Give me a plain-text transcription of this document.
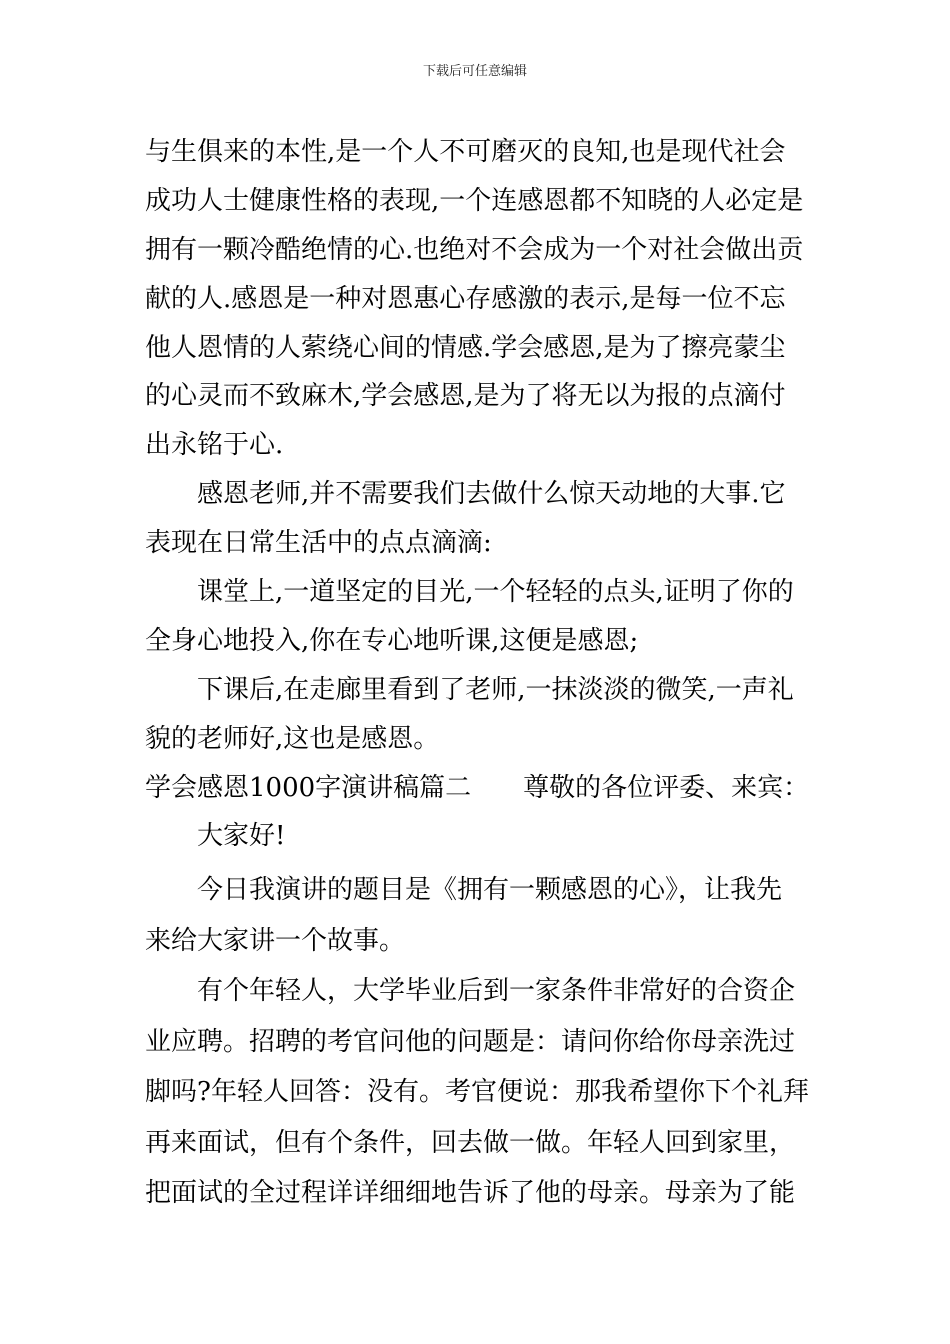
下载后可任意编辑
与生俱来的本性,是一个人不可磨灭的良知,也是现代社会
成功人士健康性格的表现,一个连感恩都不知晓的人必定是
拥有一颗冷酷绝情的心.也绝对不会成为一个对社会做出贡
献的人.感恩是一种对恩惠心存感激的表示,是每一位不忘
他人恩情的人萦绕心间的情感.学会感恩,是为了擦亮蒙尘
的心灵而不致麻木,学会感恩,是为了将无以为报的点滴付
出永铭于心.
感恩老师,并不需要我们去做什么惊天动地的大事.它
表现在日常生活中的点点滴滴:
课堂上,一道坚定的目光,一个轻轻的点头,证明了你的
全身心地投入,你在专心地听课,这便是感恩;
下课后,在走廊里看到了老师,一抹淡淡的微笑,一声礼
貌的老师好,这也是感恩。
学会感恩1000字演讲稿篇二　　尊敬的各位评委、来宾：
大家好!
今日我演讲的题目是《拥有一颗感恩的心》，让我先
来给大家讲一个故事。
有个年轻人，大学毕业后到一家条件非常好的合资企
业应聘。招聘的考官问他的问题是：请问你给你母亲洗过
脚吗?年轻人回答：没有。考官便说：那我希望你下个礼拜
再来面试，但有个条件，回去做一做。年轻人回到家里，
把面试的全过程详详细细地告诉了他的母亲。母亲为了能
